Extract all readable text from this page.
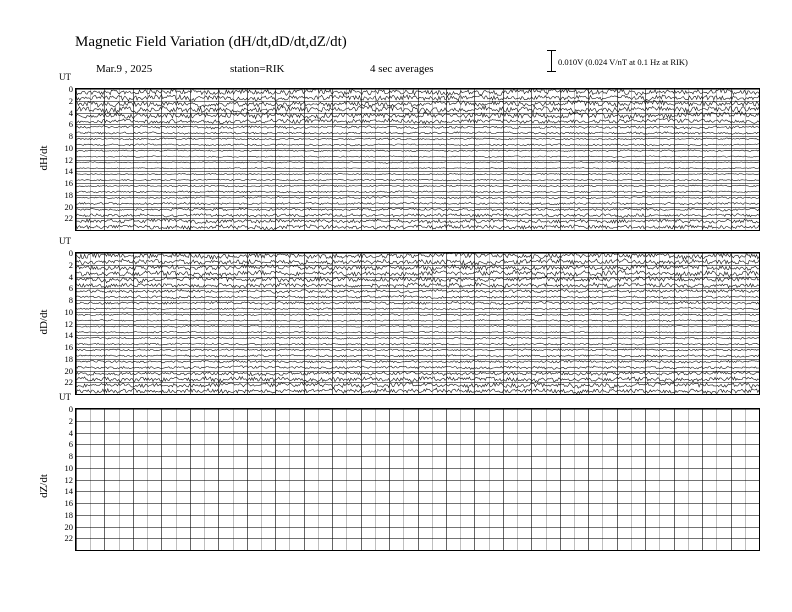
Magnetic Field Variation (dH/dt,dD/dt,dZ/dt)
Mar.9 , 2025	station=RIK	4 sec averages
0.010V (0.024 V/nT at 0.1 Hz at RIK)
UT
dH/dt
0
2
4
6
8
10
12
14
16
18
20
22
UT
dD/dt
0
2
4
6
8
10
12
14
16
18
20
22
UT
dZ/dt
0
2
4
6
8
10
12
14
16
18
20
22
